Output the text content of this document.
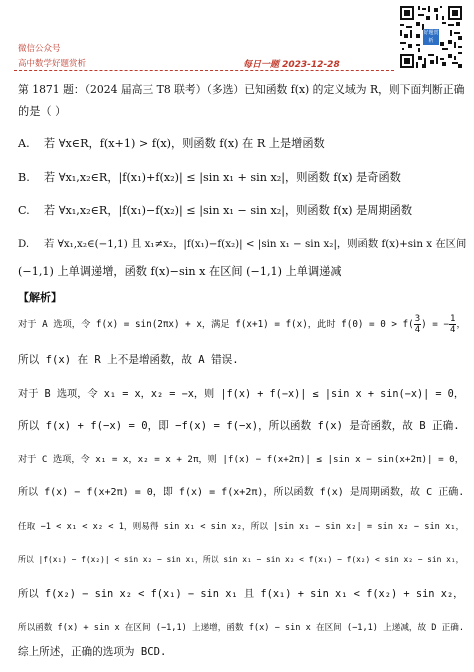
微信公众号
高中数学好题赏析	每日一题 2023-12-28
好题赏析
第 1871 题：（2024 届高三 T8 联考）（多选）已知函数 f(x) 的定义域为 R，则下面判断正确
的是（ ）
A. 若 ∀x∈R，f(x+1) > f(x)，则函数 f(x) 在 R 上是增函数
B. 若 ∀x₁,x₂∈R，|f(x₁)+f(x₂)| ≤ |sin x₁ + sin x₂|，则函数 f(x) 是奇函数
C. 若 ∀x₁,x₂∈R，|f(x₁)−f(x₂)| ≤ |sin x₁ − sin x₂|，则函数 f(x) 是周期函数
D. 若 ∀x₁,x₂∈(−1,1) 且 x₁≠x₂，|f(x₁)−f(x₂)| < |sin x₁ − sin x₂|，则函数 f(x)+sin x 在区间
(−1,1) 上单调递增，函数 f(x)−sin x 在区间 (−1,1) 上单调递减
【解析】
对于 A 选项，令 f(x) = sin(2πx) + x，满足 f(x+1) = f(x)，此时 $f(0) = 0 > f( \frac{3}{4}$ ) = − $\frac{1}{4}$ ，
所以 f(x) 在 R 上不是增函数，故 A 错误.
对于 B 选项，令 x₁ = x，x₂ = −x，则 |f(x) + f(−x)| ≤ |sin x + sin(−x)| = 0，
所以 f(x) + f(−x) = 0，即 −f(x) = f(−x)，所以函数 f(x) 是奇函数，故 B 正确.
对于 C 选项，令 x₁ = x，x₂ = x + 2π，则 |f(x) − f(x+2π)| ≤ |sin x − sin(x+2π)| = 0，
所以 f(x) − f(x+2π) = 0，即 f(x) = f(x+2π)，所以函数 f(x) 是周期函数，故 C 正确.
任取 −1 < x₁ < x₂ < 1，则易得 sin x₁ < sin x₂，所以 |sin x₁ − sin x₂| = sin x₂ − sin x₁，
所以 |f(x₁) − f(x₂)| < sin x₂ − sin x₁，所以 sin x₁ − sin x₂ < f(x₁) − f(x₂) < sin x₂ − sin x₁，
所以 f(x₂) − sin x₂ < f(x₁) − sin x₁ 且 f(x₁) + sin x₁ < f(x₂) + sin x₂，
所以函数 f(x) + sin x 在区间 (−1,1) 上递增，函数 f(x) − sin x 在区间 (−1,1) 上递减，故 D 正确.
综上所述，正确的选项为 BCD.
